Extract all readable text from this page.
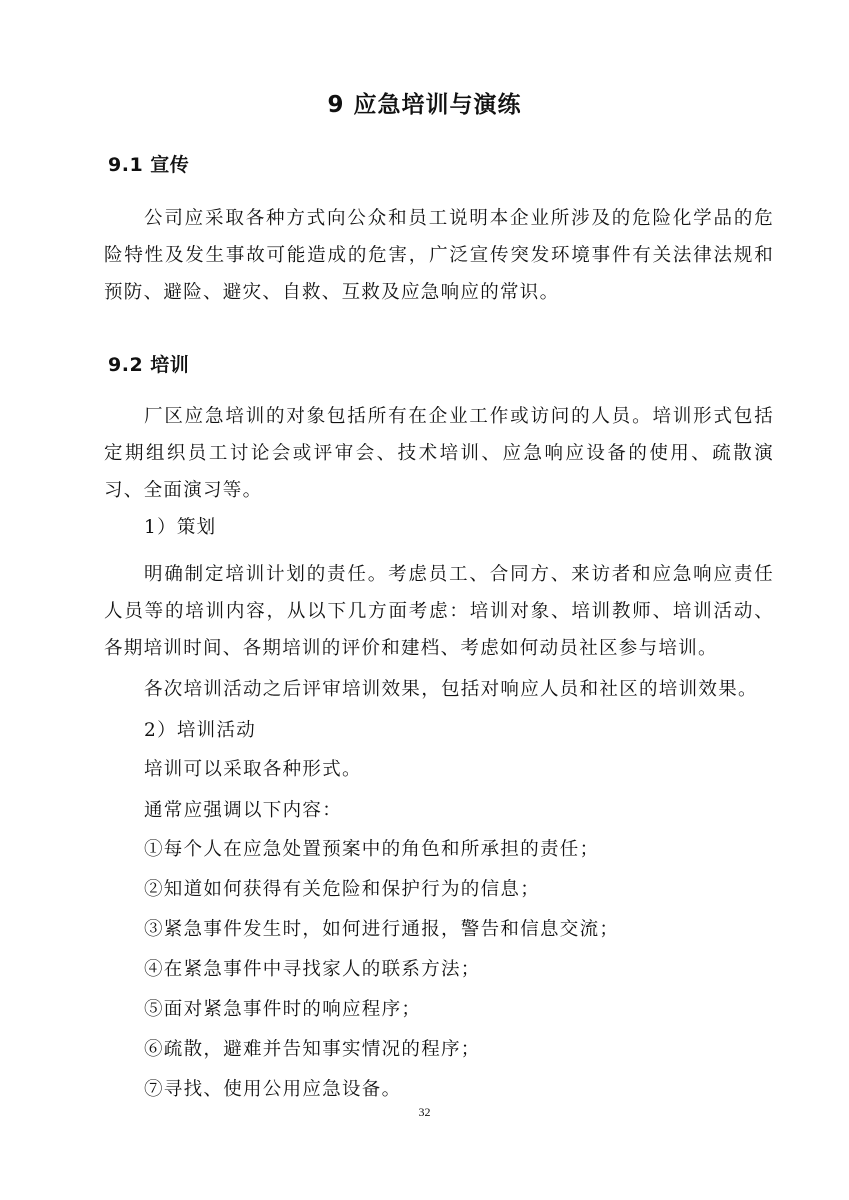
9 应急培训与演练
9.1 宣传

公司应采取各种方式向公众和员工说明本企业所涉及的危险化学品的危险特性及发生事故可能造成的危害，广泛宣传突发环境事件有关法律法规和预防、避险、避灾、自救、互救及应急响应的常识。

9.2 培训

厂区应急培训的对象包括所有在企业工作或访问的人员。培训形式包括定期组织员工讨论会或评审会、技术培训、应急响应设备的使用、疏散演习、全面演习等。

1）策划

明确制定培训计划的责任。考虑员工、合同方、来访者和应急响应责任人员等的培训内容，从以下几方面考虑：培训对象、培训教师、培训活动、各期培训时间、各期培训的评价和建档、考虑如何动员社区参与培训。

各次培训活动之后评审培训效果，包括对响应人员和社区的培训效果。
2）培训活动
培训可以采取各种形式。
通常应强调以下内容：
①每个人在应急处置预案中的角色和所承担的责任；
②知道如何获得有关危险和保护行为的信息；
③紧急事件发生时，如何进行通报，警告和信息交流；
④在紧急事件中寻找家人的联系方法；
⑤面对紧急事件时的响应程序；
⑥疏散，避难并告知事实情况的程序；
⑦寻找、使用公用应急设备。
32
